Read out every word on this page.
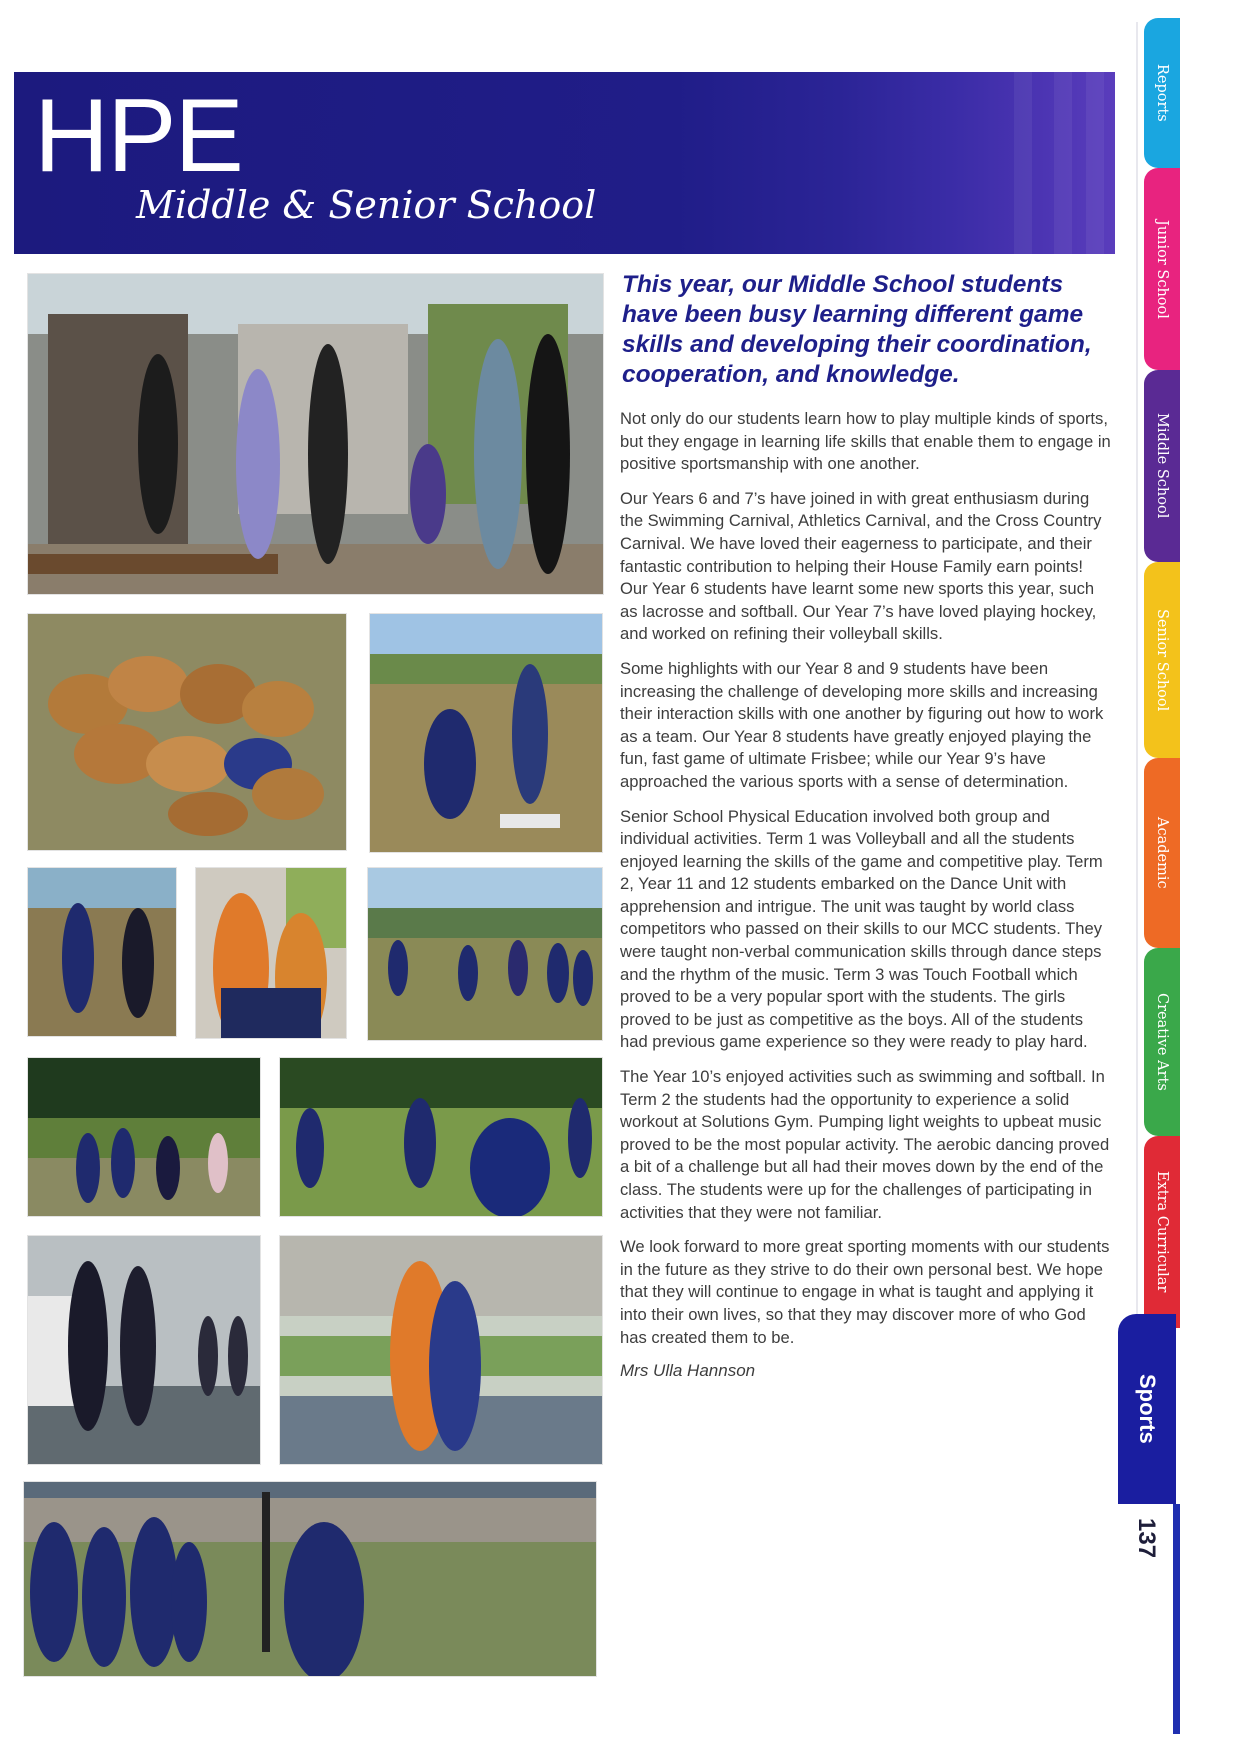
HPE
Middle & Senior School
This year, our Middle School students have been busy learning different game skills and developing their coordination, cooperation, and knowledge.

Not only do our students learn how to play multiple kinds of sports, but they engage in learning life skills that enable them to engage in positive sportsmanship with one another.

Our Years 6 and 7’s have joined in with great enthusiasm during the Swimming Carnival, Athletics Carnival, and the Cross Country Carnival. We have loved their eagerness to participate, and their fantastic contribution to helping their House Family earn points! Our Year 6 students have learnt some new sports this year, such as lacrosse and softball. Our Year 7’s have loved playing hockey, and worked on refining their volleyball skills.

Some highlights with our Year 8 and 9 students have been increasing the challenge of developing more skills and increasing their interaction skills with one another by figuring out how to work as a team. Our Year 8 students have greatly enjoyed playing the fun, fast game of ultimate Frisbee; while our Year 9’s have approached the various sports with a sense of determination.

Senior School Physical Education involved both group and individual activities. Term 1 was Volleyball and all the students enjoyed learning the skills of the game and competitive play. Term 2, Year 11 and 12 students embarked on the Dance Unit with apprehension and intrigue. The unit was taught by world class competitors who passed on their skills to our MCC students. They were taught non-verbal communication skills through dance steps and the rhythm of the music. Term 3 was Touch Football which proved to be a very popular sport with the students. The girls proved to be just as competitive as the boys. All of the students had previous game experience so they were ready to play hard.

The Year 10’s enjoyed activities such as swimming and softball. In Term 2 the students had the opportunity to experience a solid workout at Solutions Gym. Pumping light weights to upbeat music proved to be the most popular activity. The aerobic dancing proved a bit of a challenge but all had their moves down by the end of the class. The students were up for the challenges of participating in activities that they were not familiar.

We look forward to more great sporting moments with our students in the future as they strive to do their own personal best. We hope that they will continue to engage in what is taught and applying it into their own lives, so that they may discover more of who God has created them to be.

Mrs Ulla Hannson
Reports
Junior School
Middle School
Senior School
Academic
Creative Arts
Extra Curricular
Sports
137
